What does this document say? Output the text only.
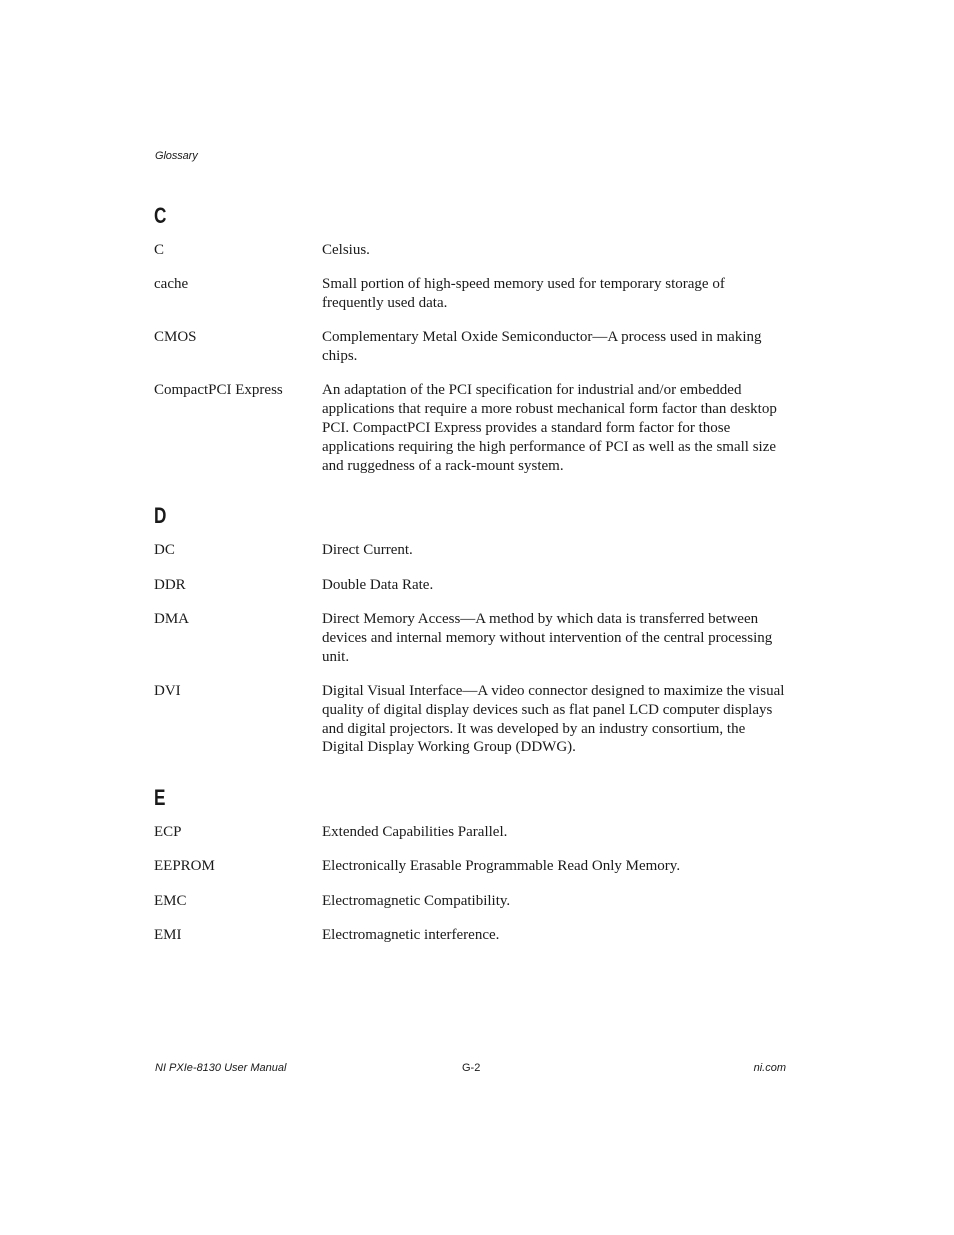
Glossary
C
C	Celsius.
cache	Small portion of high-speed memory used for temporary storage of frequently used data.
CMOS	Complementary Metal Oxide Semiconductor—A process used in making chips.
CompactPCI Express	An adaptation of the PCI specification for industrial and/or embedded applications that require a more robust mechanical form factor than desktop PCI. CompactPCI Express provides a standard form factor for those applications requiring the high performance of PCI as well as the small size and ruggedness of a rack-mount system.
D
DC	Direct Current.
DDR	Double Data Rate.
DMA	Direct Memory Access—A method by which data is transferred between devices and internal memory without intervention of the central processing unit.
DVI	Digital Visual Interface—A video connector designed to maximize the visual quality of digital display devices such as flat panel LCD computer displays and digital projectors. It was developed by an industry consortium, the Digital Display Working Group (DDWG).
E
ECP	Extended Capabilities Parallel.
EEPROM	Electronically Erasable Programmable Read Only Memory.
EMC	Electromagnetic Compatibility.
EMI	Electromagnetic interference.
NI PXIe-8130 User Manual	G-2	ni.com
